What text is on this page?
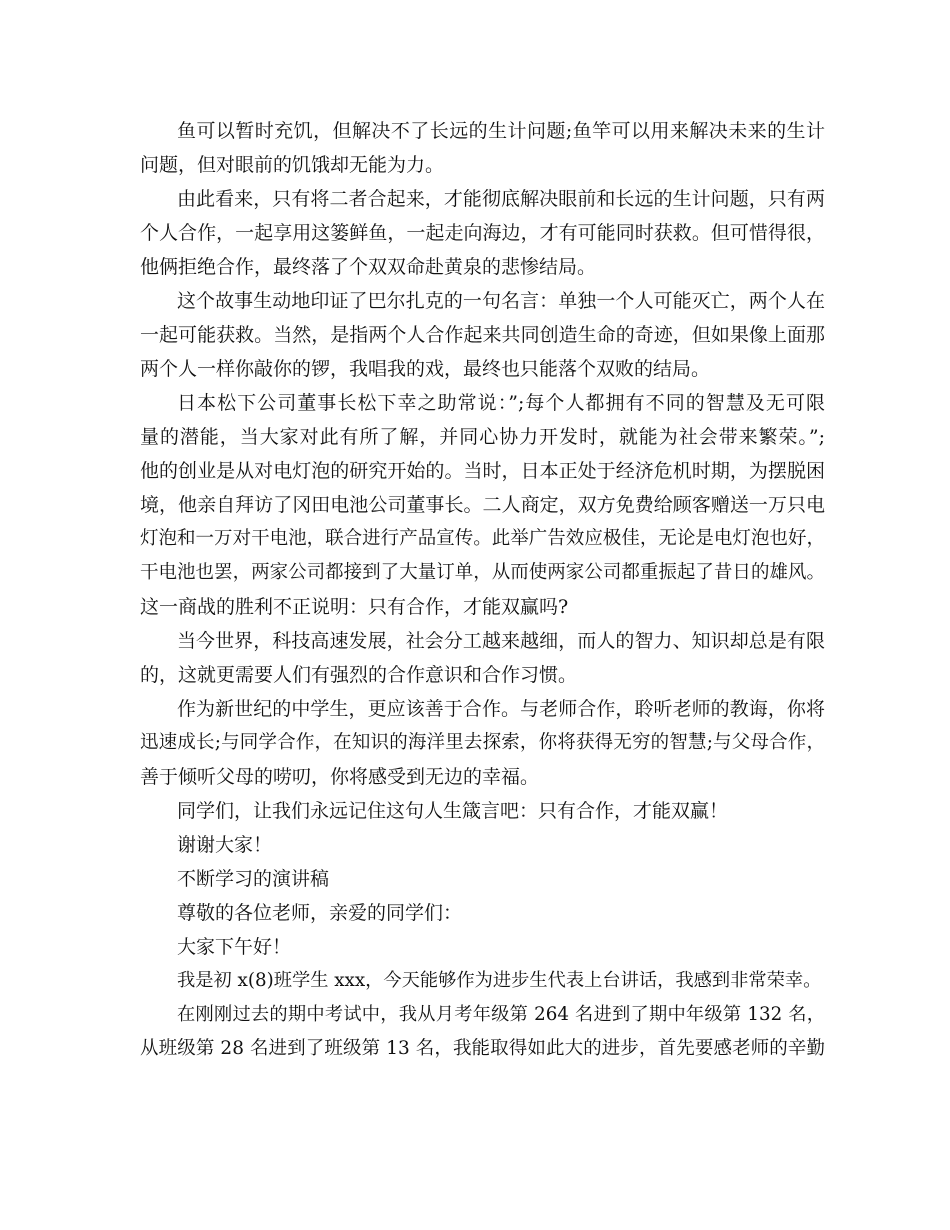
鱼可以暂时充饥，但解决不了长远的生计问题;鱼竿可以用来解决未来的生计
问题，但对眼前的饥饿却无能为力。
由此看来，只有将二者合起来，才能彻底解决眼前和长远的生计问题，只有两
个人合作，一起享用这篓鲜鱼，一起走向海边，才有可能同时获救。但可惜得很，
他俩拒绝合作，最终落了个双双命赴黄泉的悲惨结局。
这个故事生动地印证了巴尔扎克的一句名言：单独一个人可能灭亡，两个人在
一起可能获救。当然，是指两个人合作起来共同创造生命的奇迹，但如果像上面那
两个人一样你敲你的锣，我唱我的戏，最终也只能落个双败的结局。
日本松下公司董事长松下幸之助常说：”;每个人都拥有不同的智慧及无可限
量的潜能，当大家对此有所了解，并同心协力开发时，就能为社会带来繁荣。”;
他的创业是从对电灯泡的研究开始的。当时，日本正处于经济危机时期，为摆脱困
境，他亲自拜访了冈田电池公司董事长。二人商定，双方免费给顾客赠送一万只电
灯泡和一万对干电池，联合进行产品宣传。此举广告效应极佳，无论是电灯泡也好，
干电池也罢，两家公司都接到了大量订单，从而使两家公司都重振起了昔日的雄风。
这一商战的胜利不正说明：只有合作，才能双赢吗?
当今世界，科技高速发展，社会分工越来越细，而人的智力、知识却总是有限
的，这就更需要人们有强烈的合作意识和合作习惯。
作为新世纪的中学生，更应该善于合作。与老师合作，聆听老师的教诲，你将
迅速成长;与同学合作，在知识的海洋里去探索，你将获得无穷的智慧;与父母合作，
善于倾听父母的唠叨，你将感受到无边的幸福。
同学们，让我们永远记住这句人生箴言吧：只有合作，才能双赢！
谢谢大家！
不断学习的演讲稿
尊敬的各位老师，亲爱的同学们：
大家下午好！
我是初 x(8)班学生 xxx，今天能够作为进步生代表上台讲话，我感到非常荣幸。
在刚刚过去的期中考试中，我从月考年级第 264 名进到了期中年级第 132 名，
从班级第 28 名进到了班级第 13 名，我能取得如此大的进步，首先要感老师的辛勤
